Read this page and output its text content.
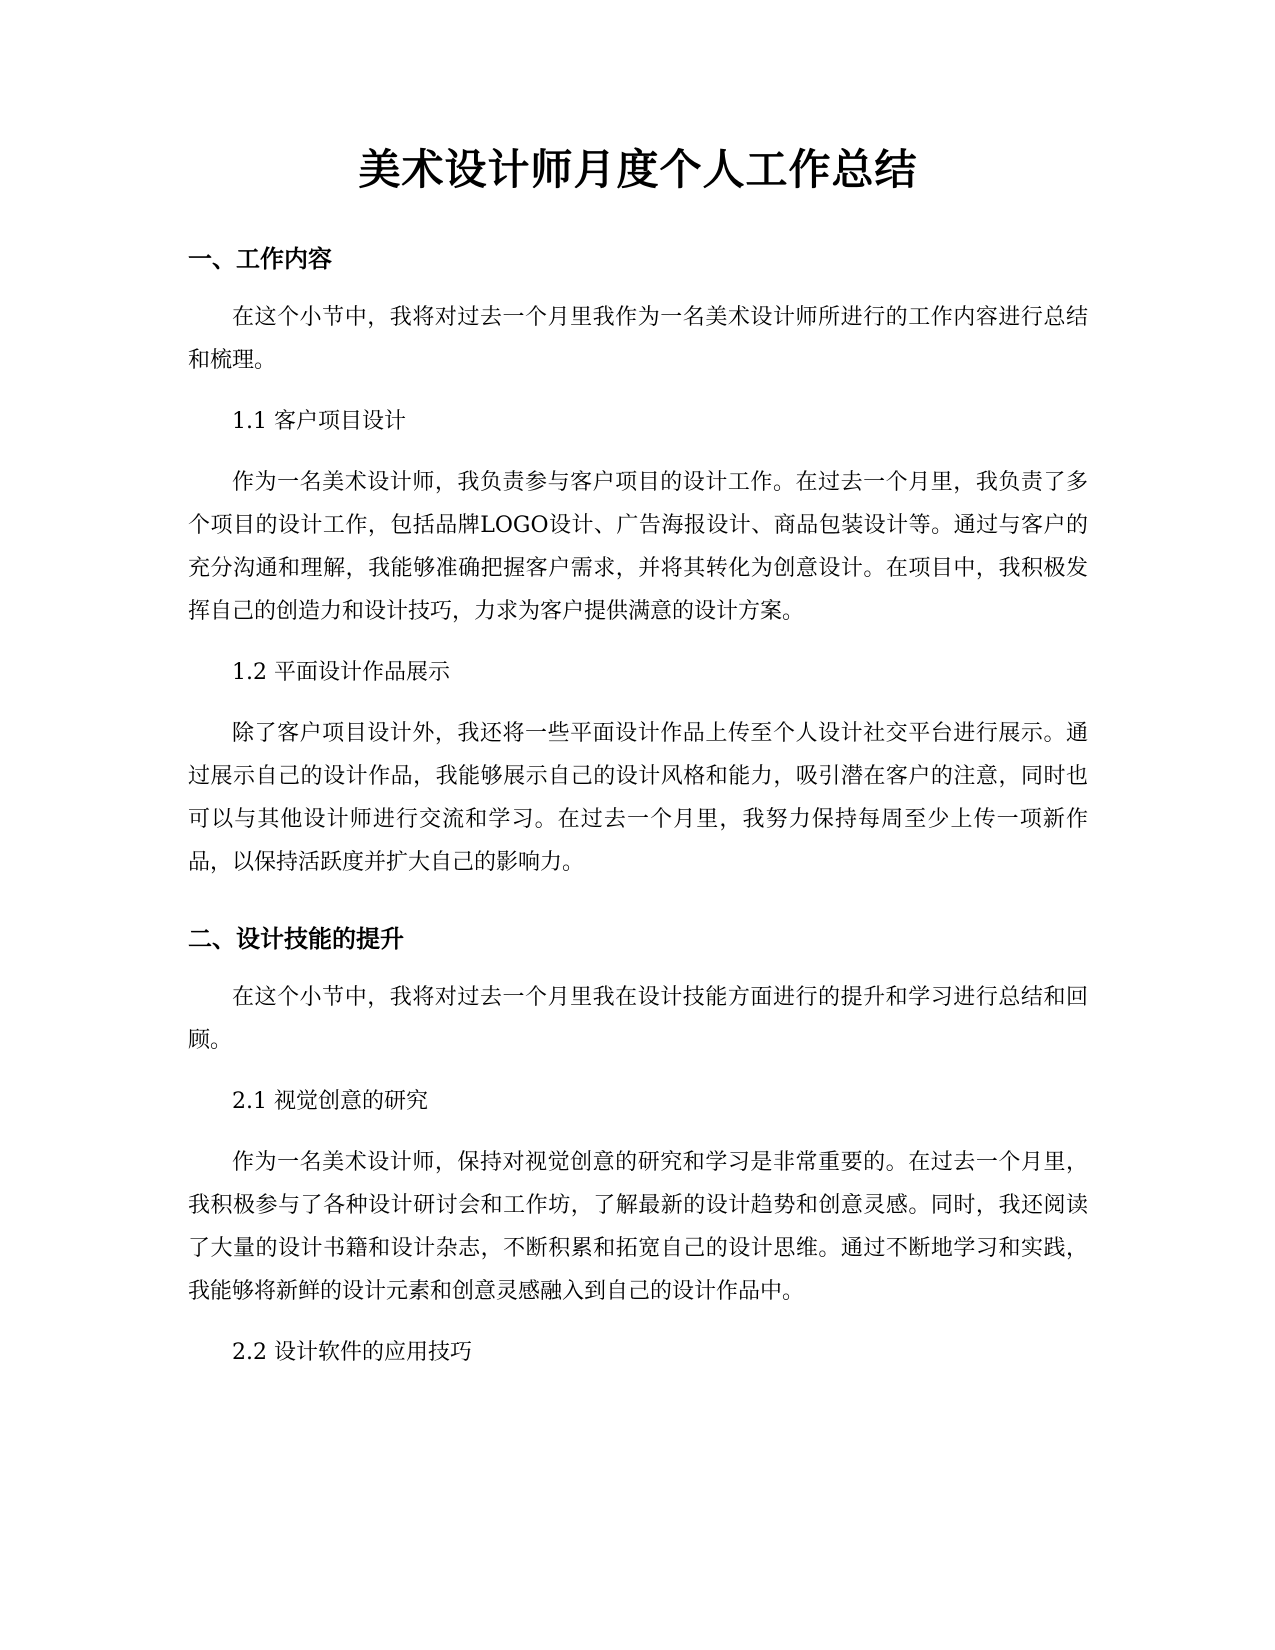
美术设计师月度个人工作总结
一、工作内容

在这个小节中，我将对过去一个月里我作为一名美术设计师所进行的工作内容进行总结和梳理。

1.1 客户项目设计

作为一名美术设计师，我负责参与客户项目的设计工作。在过去一个月里，我负责了多个项目的设计工作，包括品牌LOGO设计、广告海报设计、商品包装设计等。通过与客户的充分沟通和理解，我能够准确把握客户需求，并将其转化为创意设计。在项目中，我积极发挥自己的创造力和设计技巧，力求为客户提供满意的设计方案。

1.2 平面设计作品展示

除了客户项目设计外，我还将一些平面设计作品上传至个人设计社交平台进行展示。通过展示自己的设计作品，我能够展示自己的设计风格和能力，吸引潜在客户的注意，同时也可以与其他设计师进行交流和学习。在过去一个月里，我努力保持每周至少上传一项新作品，以保持活跃度并扩大自己的影响力。

二、设计技能的提升

在这个小节中，我将对过去一个月里我在设计技能方面进行的提升和学习进行总结和回顾。

2.1 视觉创意的研究

作为一名美术设计师，保持对视觉创意的研究和学习是非常重要的。在过去一个月里，我积极参与了各种设计研讨会和工作坊，了解最新的设计趋势和创意灵感。同时，我还阅读了大量的设计书籍和设计杂志，不断积累和拓宽自己的设计思维。通过不断地学习和实践，我能够将新鲜的设计元素和创意灵感融入到自己的设计作品中。

2.2 设计软件的应用技巧
